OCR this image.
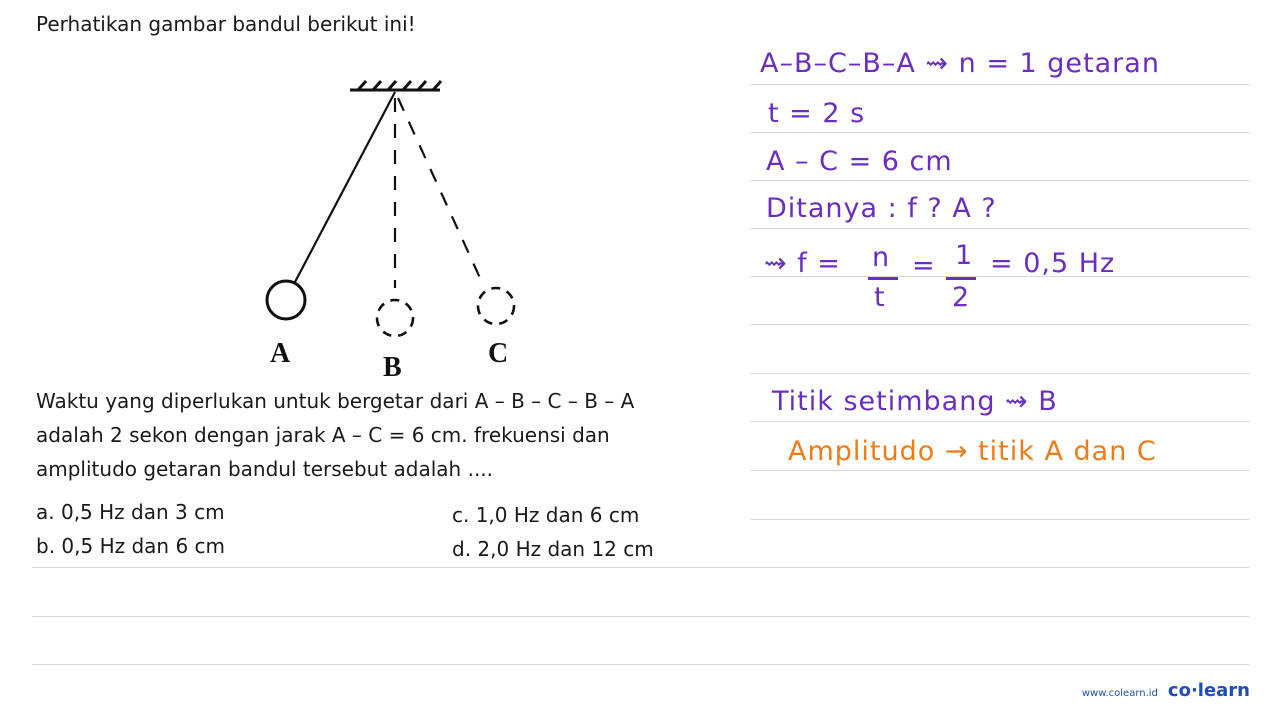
Perhatikan gambar bandul berikut ini!
A	B	C
Waktu yang diperlukan untuk bergetar dari A – B – C – B – A
adalah 2 sekon dengan jarak A – C = 6 cm. frekuensi dan
amplitudo getaran bandul tersebut adalah ....
a. 0,5 Hz dan 3 cm
b. 0,5 Hz dan 6 cm
c. 1,0 Hz dan 6 cm
d. 2,0 Hz dan 12 cm
A–B–C–B–A ⇝ n = 1 getaran
t = 2 s
A – C = 6 cm
Ditanya : f ? A ?
⇝ f = n
t
= 1
2
= 0,5 Hz
Titik setimbang ⇝ B
Amplitudo → titik A dan C
www.colearn.id co·learn
